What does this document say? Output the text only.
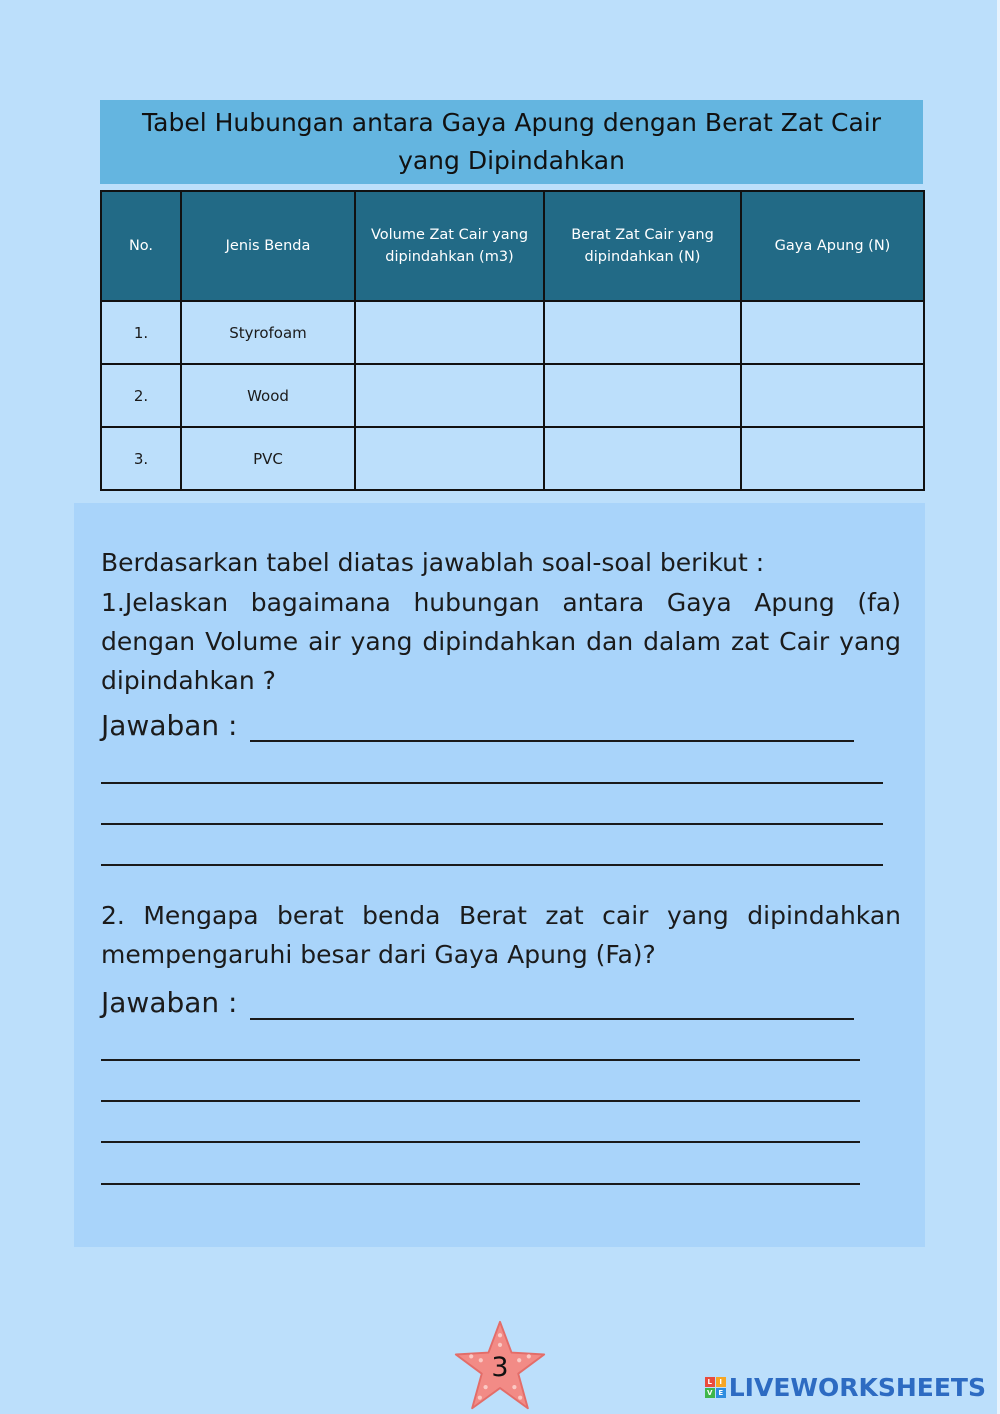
Tabel Hubungan antara Gaya Apung dengan Berat Zat Cair yang Dipindahkan
No.	Jenis Benda	Volume Zat Cair yang dipindahkan (m3)	Berat Zat Cair yang dipindahkan (N)	Gaya Apung (N)
1.	Styrofoam			
2.	Wood			
3.	PVC			
Berdasarkan tabel diatas jawablah soal-soal berikut :
1.Jelaskan bagaimana hubungan antara Gaya Apung (fa) dengan Volume air yang dipindahkan dan dalam zat Cair yang dipindahkan ?
Jawaban :
2. Mengapa berat benda Berat zat cair yang dipindahkan mempengaruhi besar dari Gaya Apung (Fa)?
Jawaban :
3	L	I
V E LIVEWORKSHEETS
